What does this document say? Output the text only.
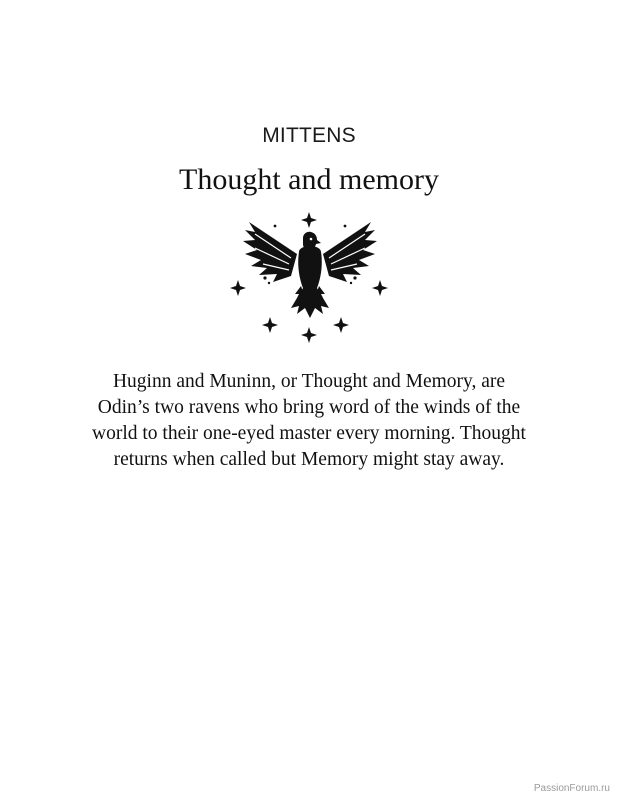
MITTENS
Thought and memory
Huginn and Muninn, or Thought and Memory, are
Odin’s two ravens who bring word of the winds of the
world to their one-eyed master every morning. Thought
returns when called but Memory might stay away.
PassionForum.ru
